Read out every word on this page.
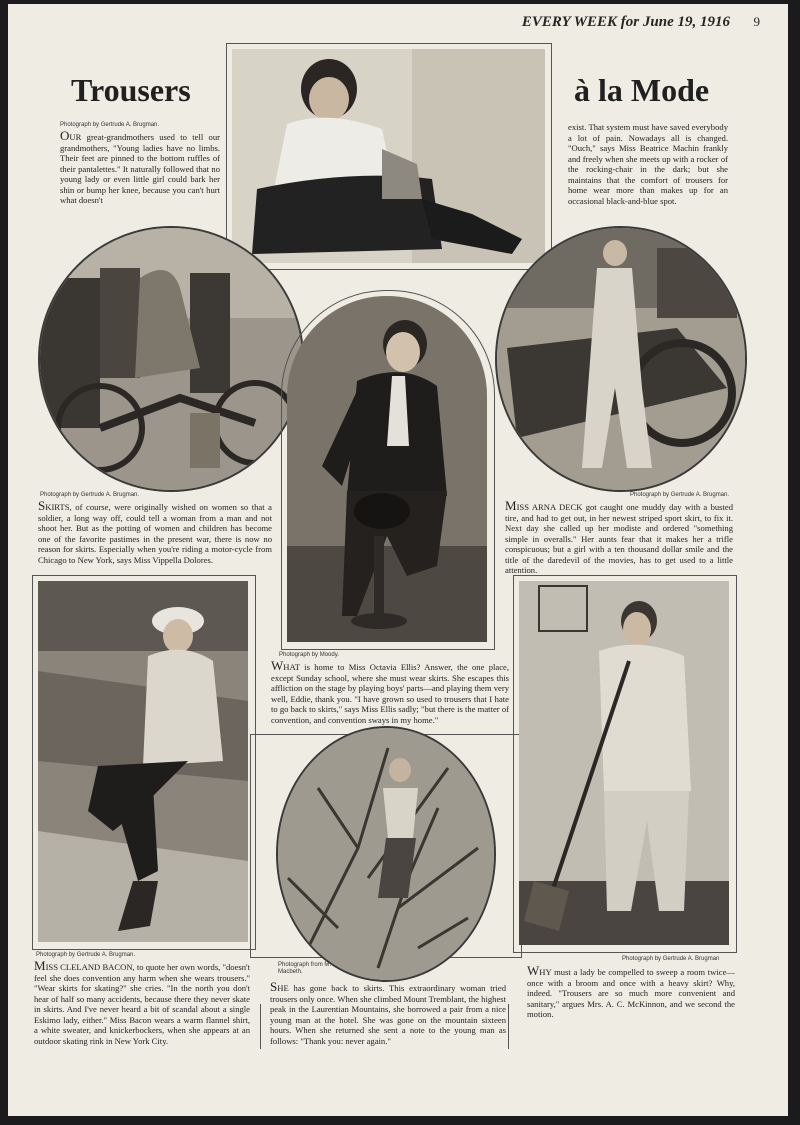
EVERY WEEK for June 19, 1916 9
Trousers	à la Mode
Photograph by Gertrude A. Brugman.
OUR great-grandmothers used to tell our grandmothers, "Young ladies have no limbs. Their feet are pinned to the bottom ruffles of their pantalettes." It naturally followed that no young lady or even little girl could bark her shin or bump her knee, because you can't hurt what doesn't
exist. That system must have saved everybody a lot of pain. Nowadays all is changed. "Ouch," says Miss Beatrice Machin frankly and freely when she meets up with a rocker of the rocking-chair in the dark; but she maintains that the comfort of trousers for home wear more than makes up for an occasional black-and-blue spot.
Photograph by Gertrude A. Brugman.
SKIRTS, of course, were originally wished on women so that a soldier, a long way off, could tell a woman from a man and not shoot her. But as the potting of women and children has become one of the favorite pastimes in the present war, there is now no reason for skirts. Especially when you're riding a motor-cycle from Chicago to New York, says Miss Vippella Dolores.
Photograph by Moody.
WHAT is home to Miss Octavia Ellis? Answer, the one place, except Sunday school, where she must wear skirts. She escapes this affliction on the stage by playing boys' parts—and playing them very well, Eddie, thank you. "I have grown so used to trousers that I hate to go back to skirts," says Miss Ellis sadly; "but there is the matter of convention, and convention sways in my home."
Photograph by Gertrude A. Brugman.
MISS ARNA DECK got caught one muddy day with a busted tire, and had to get out, in her newest striped sport skirt, to fix it. Next day she called up her modiste and ordered "something simple in overalls." Her aunts fear that it makes her a trifle conspicuous; but a girl with a ten thousand dollar smile and the title of the daredevil of the movies, has to get used to a little attention.
Photograph by Gertrude A. Brugman.
MISS CLELAND BACON, to quote her own words, "doesn't feel she does convention any harm when she wears trousers." "Wear skirts for skating?" she cries. "In the north you don't hear of half so many accidents, because there they never skate in skirts. And I've never heard a bit of scandal about a single Eskimo lady, either." Miss Bacon wears a warm flannel shirt, a white sweater, and knickerbockers, when she appears at an outdoor skating rink in New York City.
Photograph from M. Macbeth.
SHE has gone back to skirts. This extraordinary woman tried trousers only once. When she climbed Mount Tremblant, the highest peak in the Laurentian Mountains, she borrowed a pair from a nice young man at the hotel. She was gone on the mountain sixteen hours. When she returned she sent a note to the young man as follows: "Thank you: never again."
Photograph by Gertrude A. Brugman
WHY must a lady be compelled to sweep a room twice—once with a broom and once with a heavy skirt? Why, indeed. "Trousers are so much more convenient and sanitary," argues Mrs. A. C. McKinnon, and we second the motion.
